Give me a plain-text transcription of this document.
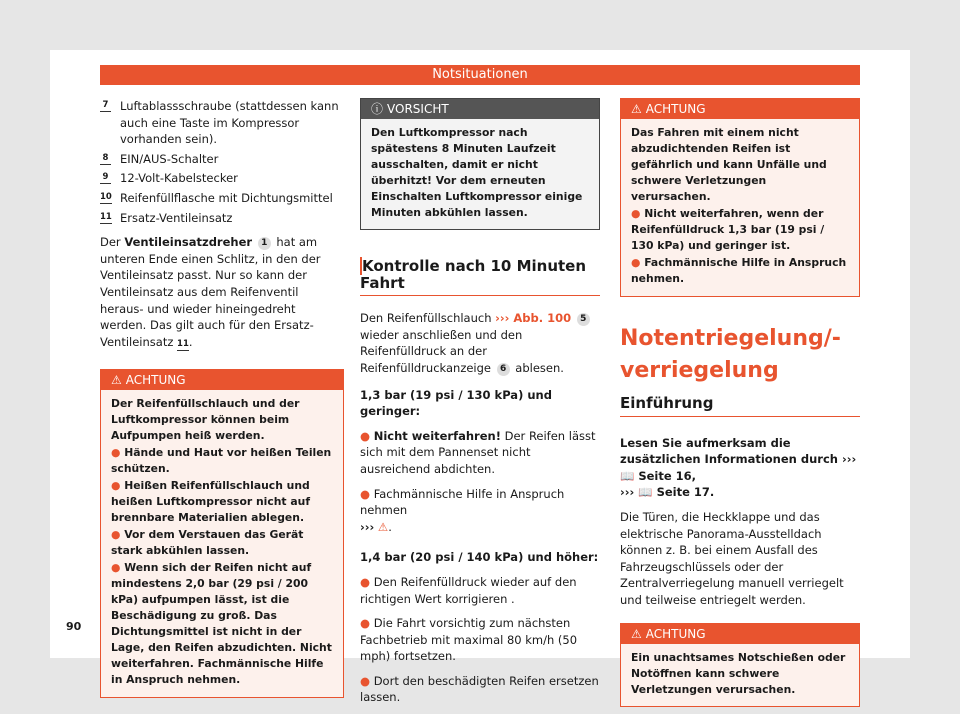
Notsituationen
7 Luftablassschraube (stattdessen kann auch eine Taste im Kompressor vorhanden sein).
8 EIN/AUS-Schalter
9 12-Volt-Kabelstecker
10 Reifenfüllflasche mit Dichtungsmittel
11 Ersatz-Ventileinsatz

Der Ventileinsatzdreher 1 hat am unteren Ende einen Schlitz, in den der Ventileinsatz passt. Nur so kann der Ventileinsatz aus dem Reifenventil heraus- und wieder hineingedreht werden. Das gilt auch für den Ersatz-Ventileinsatz 11.

⚠ ACHTUNG
Der Reifenfüllschlauch und der Luftkompressor können beim Aufpumpen heiß werden.
● Hände und Haut vor heißen Teilen schützen.
● Heißen Reifenfüllschlauch und heißen Luftkompressor nicht auf brennbare Materialien ablegen.
● Vor dem Verstauen das Gerät stark abkühlen lassen.
● Wenn sich der Reifen nicht auf mindestens 2,0 bar (29 psi / 200 kPa) aufpumpen lässt, ist die Beschädigung zu groß. Das Dichtungsmittel ist nicht in der Lage, den Reifen abzudichten. Nicht weiterfahren. Fachmännische Hilfe in Anspruch nehmen.
ⓘ VORSICHT
Den Luftkompressor nach spätestens 8 Minuten Laufzeit ausschalten, damit er nicht überhitzt! Vor dem erneuten Einschalten Luftkompressor einige Minuten abkühlen lassen.
Kontrolle nach 10 Minuten Fahrt

Den Reifenfüllschlauch ››› Abb. 100 5 wieder anschließen und den Reifenfülldruck an der Reifenfülldruckanzeige 6 ablesen.

1,3 bar (19 psi / 130 kPa) und geringer:

● Nicht weiterfahren! Der Reifen lässt sich mit dem Pannenset nicht ausreichend abdichten.
● Fachmännische Hilfe in Anspruch nehmen
››› ⚠.

1,4 bar (20 psi / 140 kPa) und höher:

● Den Reifenfülldruck wieder auf den richtigen Wert korrigieren .
● Die Fahrt vorsichtig zum nächsten Fachbetrieb mit maximal 80 km/h (50 mph) fortsetzen.
● Dort den beschädigten Reifen ersetzen lassen.
⚠ ACHTUNG
Das Fahren mit einem nicht abzudichtenden Reifen ist gefährlich und kann Unfälle und schwere Verletzungen verursachen.
● Nicht weiterfahren, wenn der Reifenfülldruck 1,3 bar (19 psi / 130 kPa) und geringer ist.
● Fachmännische Hilfe in Anspruch nehmen.
Notentriegelung/-verriegelung
Einführung

Lesen Sie aufmerksam die zusätzlichen Informationen durch ››› 📖 Seite 16,
››› 📖 Seite 17.

Die Türen, die Heckklappe und das elektrische Panorama-Ausstelldach können z. B. bei einem Ausfall des Fahrzeugschlüssels oder der Zentralverriegelung manuell verriegelt und teilweise entriegelt werden.

⚠ ACHTUNG
Ein unachtsames Notschießen oder Notöffnen kann schwere Verletzungen verursachen.
90
